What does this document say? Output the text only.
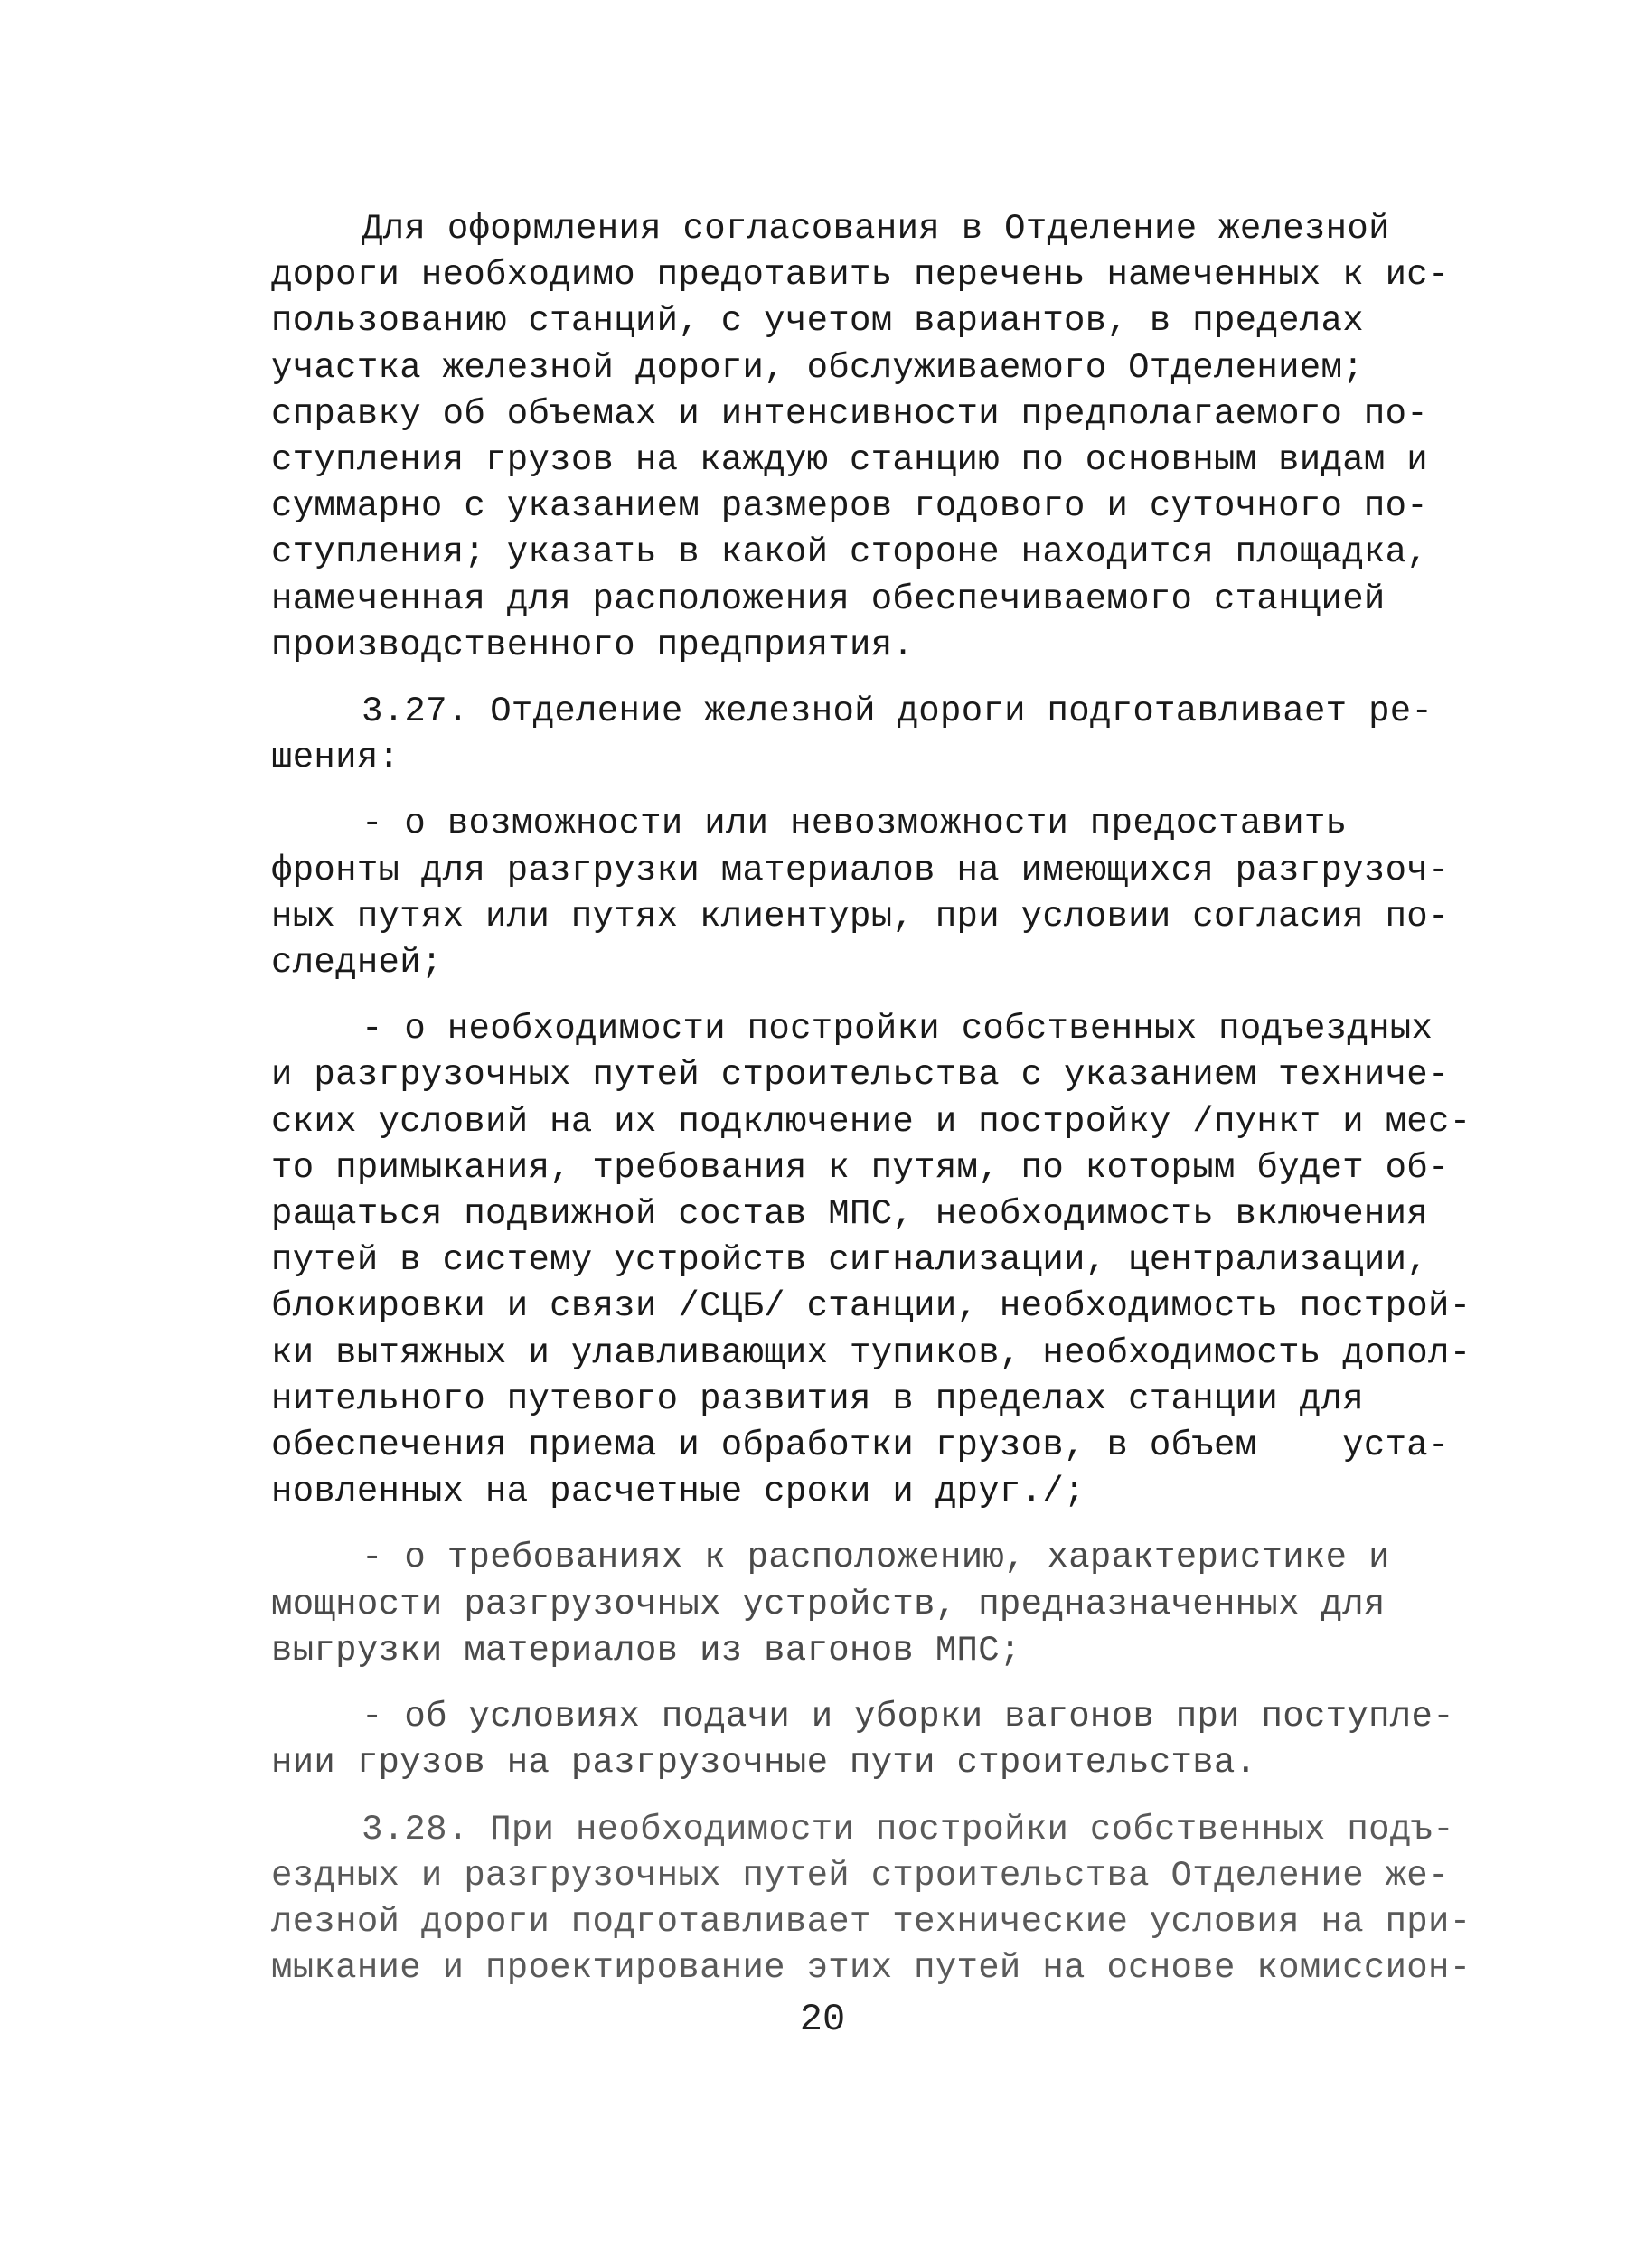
Для оформления согласования в Отделение железной
дороги необходимо предотавить перечень намеченных к ис-
пользованию станций, с учетом вариантов, в пределах
участка железной дороги, обслуживаемого Отделением;
справку об объемах и интенсивности предполагаемого по-
ступления грузов на каждую станцию по основным видам и
суммарно с указанием размеров годового и суточного по-
ступления; указать в какой стороне находится площадка,
намеченная для расположения обеспечиваемого станцией
производственного предприятия.
3.27. Отделение железной дороги подготавливает ре-
шения:
- о возможности или невозможности предоставить
фронты для разгрузки материалов на имеющихся разгрузоч-
ных путях или путях клиентуры, при условии согласия по-
следней;
- о необходимости постройки собственных подъездных
и разгрузочных путей строительства с указанием техниче-
ских условий на их подключение и постройку /пункт и мес-
то примыкания, требования к путям, по которым будет об-
ращаться подвижной состав МПС, необходимость включения
путей в систему устройств сигнализации, централизации,
блокировки и связи /СЦБ/ станции, необходимость построй-
ки вытяжных и улавливающих тупиков, необходимость допол-
нительного путевого развития в пределах станции для
обеспечения приема и обработки грузов, в объем    уста-
новленных на расчетные сроки и друг./;
- о требованиях к расположению, характеристике и
мощности разгрузочных устройств, предназначенных для
выгрузки материалов из вагонов МПС;
- об условиях подачи и уборки вагонов при поступле-
нии грузов на разгрузочные пути строительства.
3.28. При необходимости постройки собственных подъ-
ездных и разгрузочных путей строительства Отделение же-
лезной дороги подготавливает технические условия на при-
мыкание и проектирование этих путей на основе комиссион-
20
